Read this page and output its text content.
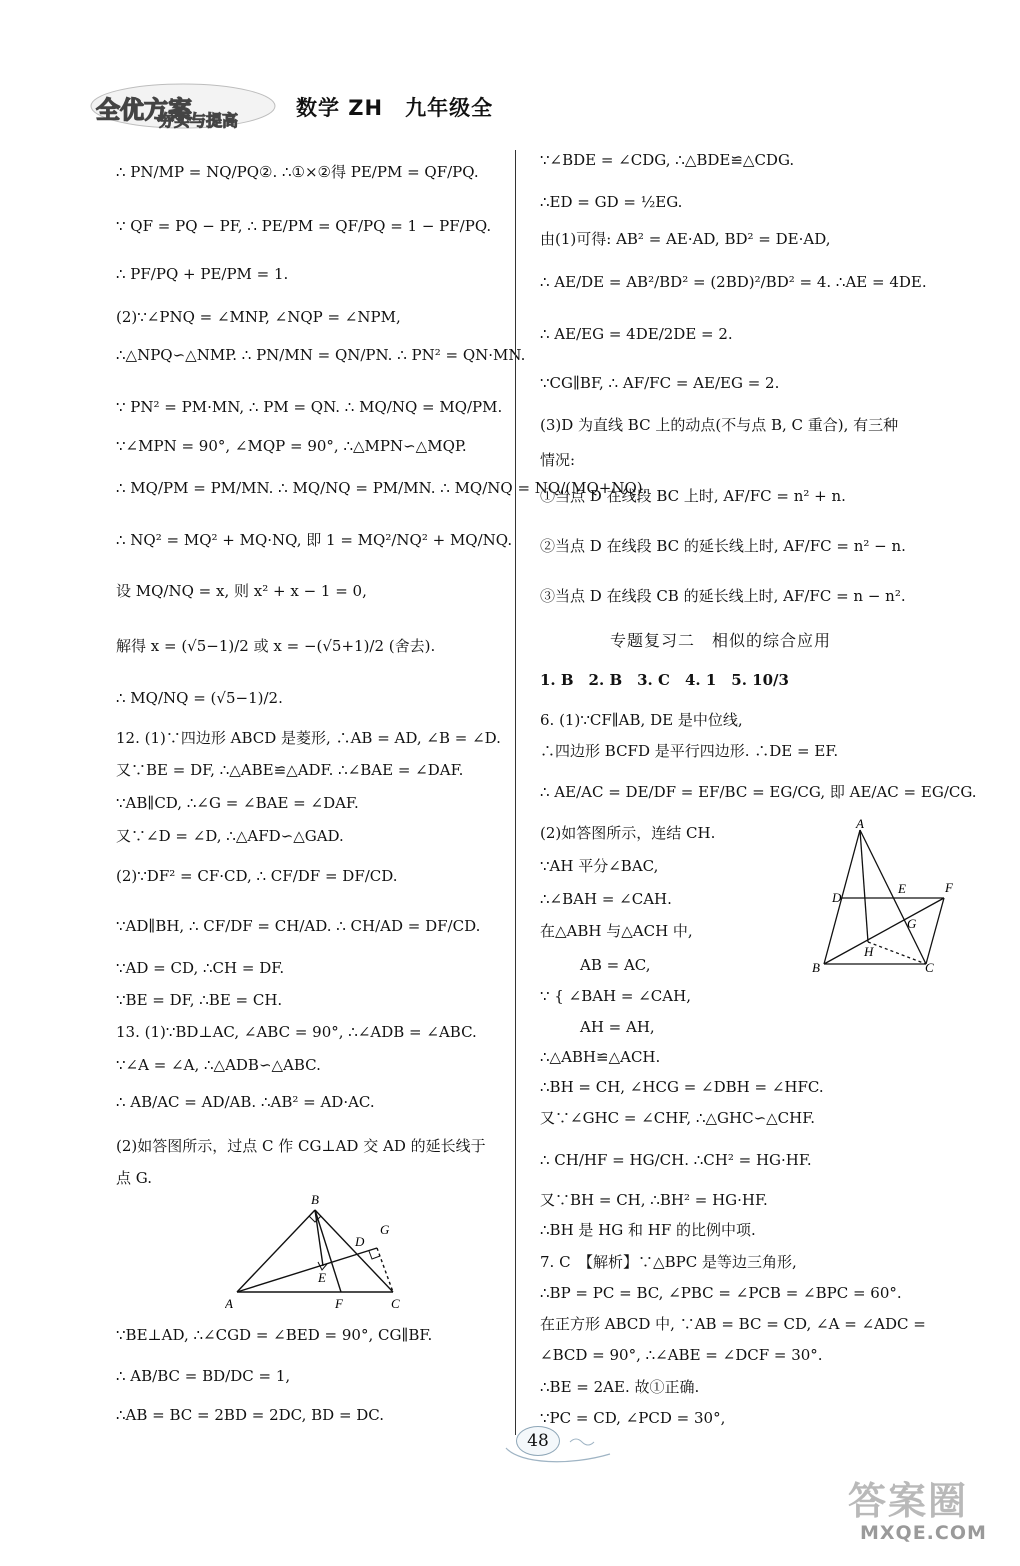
全优方案
夯实与提高
数学 ZH　九年级全
∴ PN/MP = NQ/PQ②. ∴①×②得 PE/PM = QF/PQ.
∵ QF = PQ − PF, ∴ PE/PM = QF/PQ = 1 − PF/PQ.
∴ PF/PQ + PE/PM = 1.
(2)∵∠PNQ = ∠MNP, ∠NQP = ∠NPM,
∴△NPQ∽△NMP. ∴ PN/MN = QN/PN. ∴ PN² = QN·MN.
∵ PN² = PM·MN, ∴ PM = QN. ∴ MQ/NQ = MQ/PM.
∵∠MPN = 90°, ∠MQP = 90°, ∴△MPN∽△MQP.
∴ MQ/PM = PM/MN. ∴ MQ/NQ = PM/MN. ∴ MQ/NQ = NQ/(MQ+NQ).
∴ NQ² = MQ² + MQ·NQ, 即 1 = MQ²/NQ² + MQ/NQ.
设 MQ/NQ = x, 则 x² + x − 1 = 0,
解得 x = (√5−1)/2 或 x = −(√5+1)/2 (舍去).
∴ MQ/NQ = (√5−1)/2.
12. (1)∵四边形 ABCD 是菱形, ∴AB = AD, ∠B = ∠D.
又∵BE = DF, ∴△ABE≌△ADF. ∴∠BAE = ∠DAF.
∵AB∥CD, ∴∠G = ∠BAE = ∠DAF.
又∵∠D = ∠D, ∴△AFD∽△GAD.
(2)∵DF² = CF·CD, ∴ CF/DF = DF/CD.
∵AD∥BH, ∴ CF/DF = CH/AD. ∴ CH/AD = DF/CD.
∵AD = CD, ∴CH = DF.
∵BE = DF, ∴BE = CH.
13. (1)∵BD⊥AC, ∠ABC = 90°, ∴∠ADB = ∠ABC.
∵∠A = ∠A, ∴△ADB∽△ABC.
∴ AB/AC = AD/AB. ∴AB² = AD·AC.
(2)如答图所示，过点 C 作 CG⊥AD 交 AD 的延长线于
点 G.
∵BE⊥AD, ∴∠CGD = ∠BED = 90°, CG∥BF.
∴ AB/BC = BD/DC = 1,
∴AB = BC = 2BD = 2DC, BD = DC.
A
B
C
D
E
F
G
∵∠BDE = ∠CDG, ∴△BDE≌△CDG.
∴ED = GD = ½EG.
由(1)可得: AB² = AE·AD, BD² = DE·AD,
∴ AE/DE = AB²/BD² = (2BD)²/BD² = 4. ∴AE = 4DE.
∴ AE/EG = 4DE/2DE = 2.
∵CG∥BF, ∴ AF/FC = AE/EG = 2.
(3)D 为直线 BC 上的动点(不与点 B, C 重合), 有三种
情况:
①当点 D 在线段 BC 上时, AF/FC = n² + n.
②当点 D 在线段 BC 的延长线上时, AF/FC = n² − n.
③当点 D 在线段 CB 的延长线上时, AF/FC = n − n².
专题复习二　相似的综合应用
1. B　2. B　3. C　4. 1　5. 10/3
6. (1)∵CF∥AB, DE 是中位线,
∴四边形 BCFD 是平行四边形. ∴DE = EF.
∴ AE/AC = DE/DF = EF/BC = EG/CG, 即 AE/AC = EG/CG.
(2)如答图所示，连结 CH.
∵AH 平分∠BAC,
∴∠BAH = ∠CAH.
在△ABH 与△ACH 中,
AB = AC,
∵ { ∠BAH = ∠CAH,
AH = AH,
∴△ABH≌△ACH.
∴BH = CH, ∠HCG = ∠DBH = ∠HFC.
又∵∠GHC = ∠CHF, ∴△GHC∽△CHF.
∴ CH/HF = HG/CH. ∴CH² = HG·HF.
又∵BH = CH, ∴BH² = HG·HF.
∴BH 是 HG 和 HF 的比例中项.
7. C　【解析】∵△BPC 是等边三角形,
∴BP = PC = BC, ∠PBC = ∠PCB = ∠BPC = 60°.
在正方形 ABCD 中, ∵AB = BC = CD, ∠A = ∠ADC =
∠BCD = 90°, ∴∠ABE = ∠DCF = 30°.
∴BE = 2AE. 故①正确.
∵PC = CD, ∠PCD = 30°,
A
B	C
D
E	F
G
H
48
答案圈
MXQE.COM
